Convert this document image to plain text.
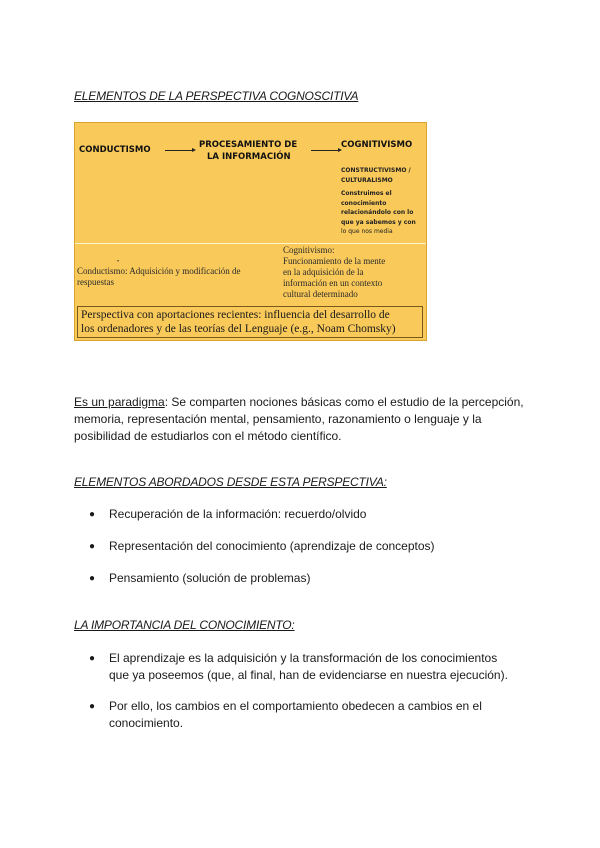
ELEMENTOS DE LA PERSPECTIVA COGNOSCITIVA
CONDUCTISMO	PROCESAMIENTO DE
LA INFORMACIÓN
COGNITIVISMO
CONSTRUCTIVISMO /
CULTURALISMO
Construimos el
conocimiento
relacionándolo con lo
que ya sabemos y con
lo que nos media
•
Conductismo: Adquisición y modificación de
respuestas
Cognitivismo:
Funcionamiento de la mente
en la adquisición de la
información en un contexto
cultural determinado
Perspectiva con aportaciones recientes: influencia del desarrollo de
los ordenadores y de las teorías del Lenguaje (e.g., Noam Chomsky)
Es un paradigma: Se comparten nociones básicas como el estudio de la percepción, memoria, representación mental, pensamiento, razonamiento o lenguaje y la posibilidad de estudiarlos con el método científico.
ELEMENTOS ABORDADOS DESDE ESTA PERSPECTIVA:
● Recuperación de la información: recuerdo/olvido
● Representación del conocimiento (aprendizaje de conceptos)
● Pensamiento (solución de problemas)
LA IMPORTANCIA DEL CONOCIMIENTO:
● El aprendizaje es la adquisición y la transformación de los conocimientos que ya poseemos (que, al final, han de evidenciarse en nuestra ejecución).
● Por ello, los cambios en el comportamiento obedecen a cambios en el conocimiento.
